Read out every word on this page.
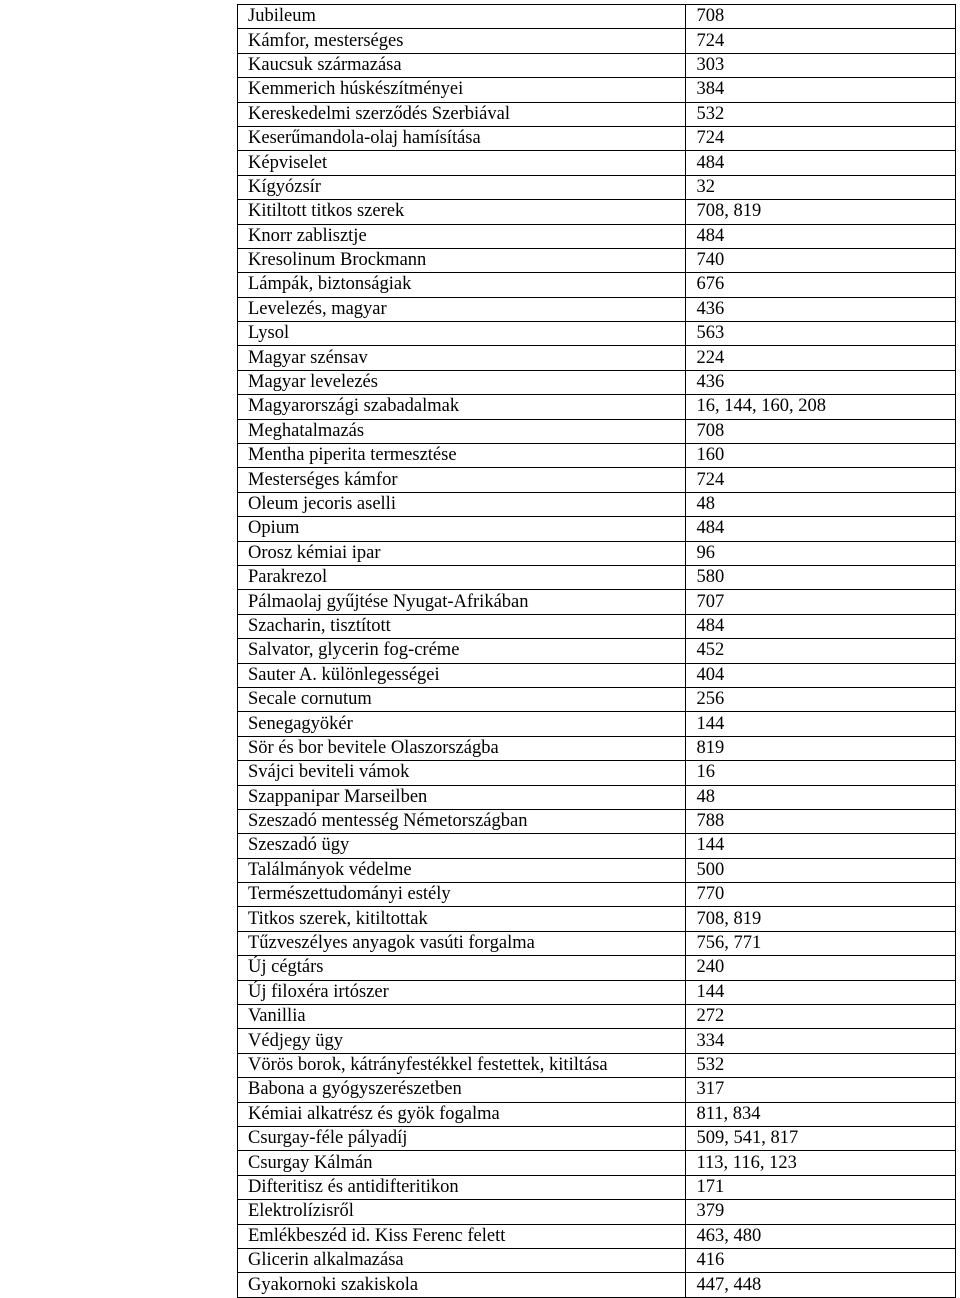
Jubileum	708
Kámfor, mesterséges	724
Kaucsuk származása	303
Kemmerich húskészítményei	384
Kereskedelmi szerződés Szerbiával	532
Keserűmandola-olaj hamísítása	724
Képviselet	484
Kígyózsír	32
Kitiltott titkos szerek	708, 819
Knorr zablisztje	484
Kresolinum Brockmann	740
Lámpák, biztonságiak	676
Levelezés, magyar	436
Lysol	563
Magyar szénsav	224
Magyar levelezés	436
Magyarországi szabadalmak	16, 144, 160, 208
Meghatalmazás	708
Mentha piperita termesztése	160
Mesterséges kámfor	724
Oleum jecoris aselli	48
Opium	484
Orosz kémiai ipar	96
Parakrezol	580
Pálmaolaj gyűjtése Nyugat-Afrikában	707
Szacharin, tisztított	484
Salvator, glycerin fog-créme	452
Sauter A. különlegességei	404
Secale cornutum	256
Senegagyökér	144
Sör és bor bevitele Olaszországba	819
Svájci beviteli vámok	16
Szappanipar Marseilben	48
Szeszadó mentesség Németországban	788
Szeszadó ügy	144
Találmányok védelme	500
Természettudományi estély	770
Titkos szerek, kitiltottak	708, 819
Tűzveszélyes anyagok vasúti forgalma	756, 771
Új cégtárs	240
Új filoxéra irtószer	144
Vanillia	272
Védjegy ügy	334
Vörös borok, kátrányfestékkel festettek, kitiltása	532
Babona a gyógyszerészetben	317
Kémiai alkatrész és gyök fogalma	811, 834
Csurgay-féle pályadíj	509, 541, 817
Csurgay Kálmán	113, 116, 123
Difteritisz és antidifteritikon	171
Elektrolízisről	379
Emlékbeszéd id. Kiss Ferenc felett	463, 480
Glicerin alkalmazása	416
Gyakornoki szakiskola	447, 448
